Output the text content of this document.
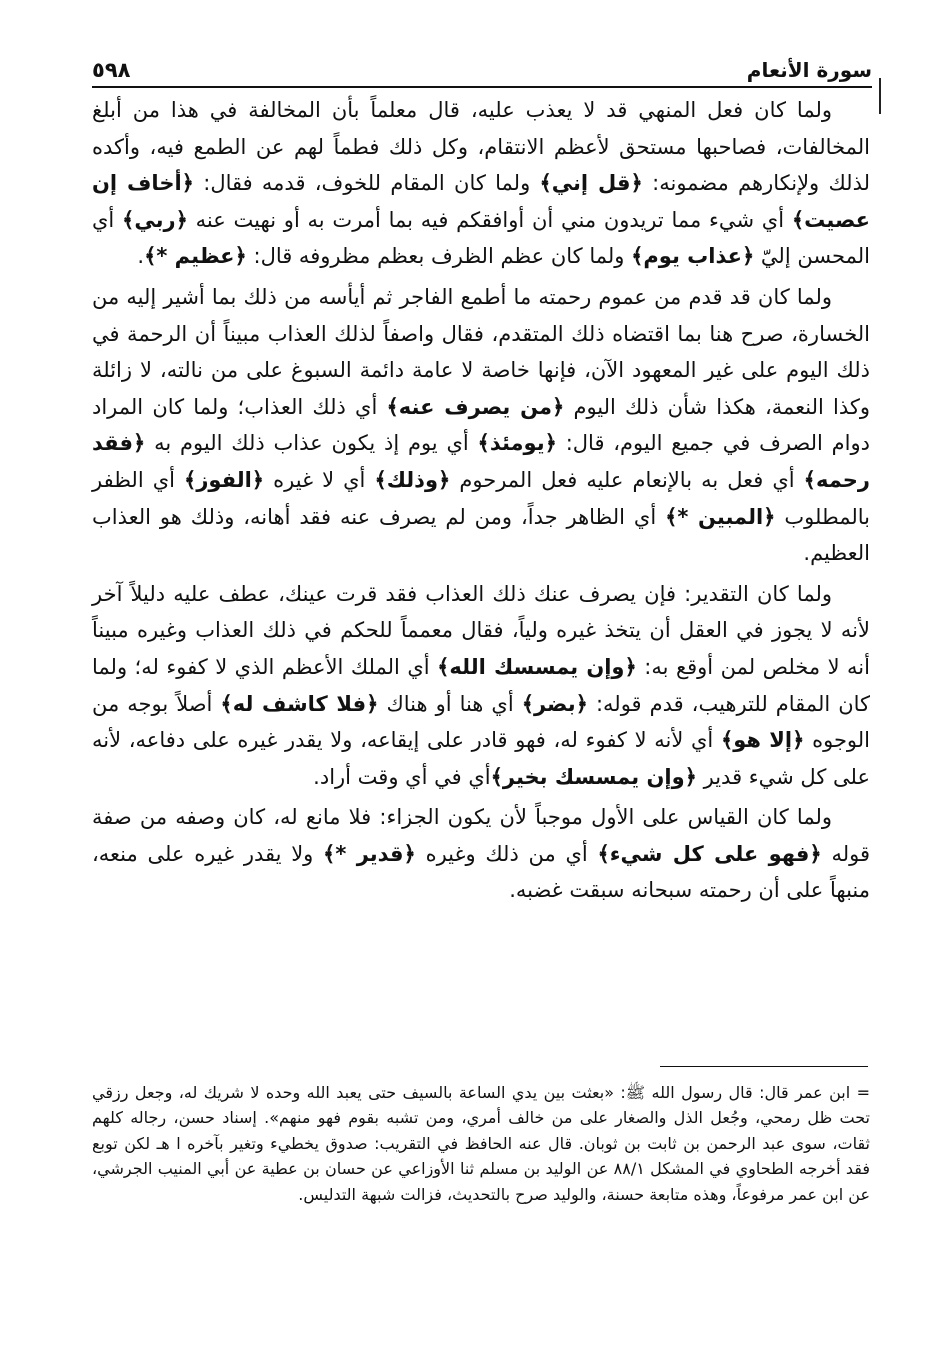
سورة الأنعام
٥٩٨

ولما كان فعل المنهي قد لا يعذب عليه، قال معلماً بأن المخالفة في هذا من أبلغ المخالفات، فصاحبها مستحق لأعظم الانتقام، وكل ذلك فطماً لهم عن الطمع فيه، وأكده لذلك ولإنكارهم مضمونه: ﴿قل إني﴾ ولما كان المقام للخوف، قدمه فقال: ﴿أخاف إن عصيت﴾ أي شيء مما تريدون مني أن أوافقكم فيه بما أمرت به أو نهيت عنه ﴿ربي﴾ أي المحسن إليّ ﴿عذاب يوم﴾ ولما كان عظم الظرف بعظم مظروفه قال: ﴿عظيم *﴾.

ولما كان قد قدم من عموم رحمته ما أطمع الفاجر ثم أيأسه من ذلك بما أشير إليه من الخسارة، صرح هنا بما اقتضاه ذلك المتقدم، فقال واصفاً لذلك العذاب مبيناً أن الرحمة في ذلك اليوم على غير المعهود الآن، فإنها خاصة لا عامة دائمة السبوغ على من نالته، لا زائلة وكذا النعمة، هكذا شأن ذلك اليوم ﴿من يصرف عنه﴾ أي ذلك العذاب؛ ولما كان المراد دوام الصرف في جميع اليوم، قال: ﴿يومئذ﴾ أي يوم إذ يكون عذاب ذلك اليوم به ﴿فقد رحمه﴾ أي فعل به بالإنعام عليه فعل المرحوم ﴿وذلك﴾ أي لا غيره ﴿الفوز﴾ أي الظفر بالمطلوب ﴿المبين *﴾ أي الظاهر جداً، ومن لم يصرف عنه فقد أهانه، وذلك هو العذاب العظيم.

ولما كان التقدير: فإن يصرف عنك ذلك العذاب فقد قرت عينك، عطف عليه دليلاً آخر لأنه لا يجوز في العقل أن يتخذ غيره ولياً، فقال معمماً للحكم في ذلك العذاب وغيره مبيناً أنه لا مخلص لمن أوقع به: ﴿وإن يمسسك الله﴾ أي الملك الأعظم الذي لا كفوء له؛ ولما كان المقام للترهيب، قدم قوله: ﴿بضر﴾ أي هنا أو هناك ﴿فلا كاشف له﴾ أصلاً بوجه من الوجوه ﴿إلا هو﴾ أي لأنه لا كفوء له، فهو قادر على إيقاعه، ولا يقدر غيره على دفاعه، لأنه على كل شيء قدير ﴿وإن يمسسك بخير﴾أي في أي وقت أراد.

ولما كان القياس على الأول موجباً لأن يكون الجزاء: فلا مانع له، كان وصفه من صفة قوله ﴿فهو على كل شيء﴾ أي من ذلك وغيره ﴿قدير *﴾ ولا يقدر غيره على منعه، منبهاً على أن رحمته سبحانه سبقت غضبه.

= ابن عمر قال: قال رسول الله ﷺ: «بعثت بين يدي الساعة بالسيف حتى يعبد الله وحده لا شريك له، وجعل رزقي تحت ظل رمحي، وجُعل الذل والصغار على من خالف أمري، ومن تشبه بقوم فهو منهم». إسناد حسن، رجاله كلهم ثقات، سوى عبد الرحمن بن ثابت بن ثوبان. قال عنه الحافظ في التقريب: صدوق يخطيء وتغير بآخره ا هـ لكن توبع فقد أخرجه الطحاوي في المشكل ٨٨/١ عن الوليد بن مسلم ثنا الأوزاعي عن حسان بن عطية عن أبي المنيب الجرشي، عن ابن عمر مرفوعاً، وهذه متابعة حسنة، والوليد صرح بالتحديث، فزالت شبهة التدليس.
